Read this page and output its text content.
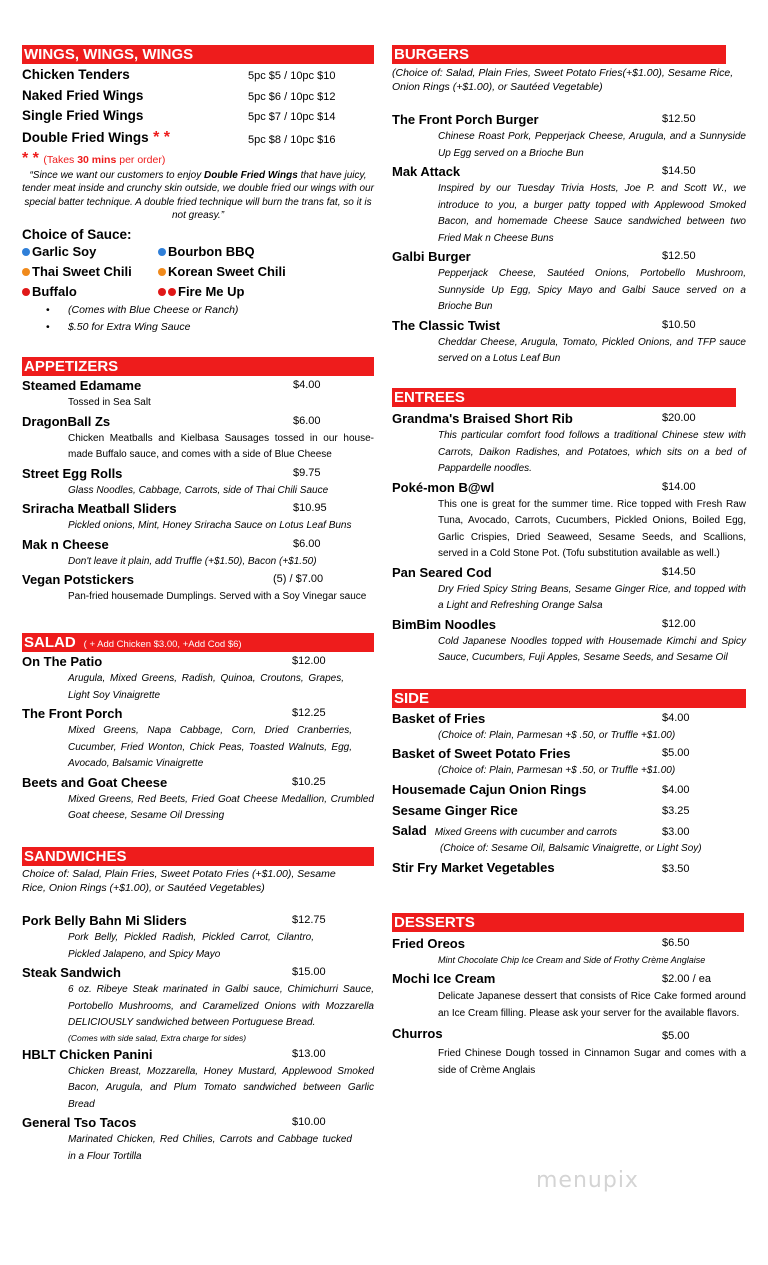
WINGS, WINGS, WINGS
Chicken Tenders	5pc $5 / 10pc $10
Naked Fried Wings	5pc $6 / 10pc $12
Single Fried Wings	5pc $7 / 10pc $14
Double Fried Wings * *	5pc $8 / 10pc $16
* * (Takes 30 mins per order)
“Since we want our customers to enjoy Double Fried Wings that have juicy, tender meat inside and crunchy skin outside, we double fried our wings with our special batter technique. A double fried technique will burn the trans fat, so it is not greasy.”
Choice of Sauce:
Garlic Soy	Bourbon BBQ
Thai Sweet Chili	Korean Sweet Chili
Buffalo	Fire Me Up
• (Comes with Blue Cheese or Ranch)
• $.50 for Extra Wing Sauce
APPETIZERS
Steamed Edamame	$4.00
Tossed in Sea Salt
DragonBall Zs	$6.00
Chicken Meatballs and Kielbasa Sausages tossed in our house-made Buffalo sauce, and comes with a side of Blue Cheese
Street Egg Rolls	$9.75
Glass Noodles, Cabbage, Carrots, side of Thai Chili Sauce
Sriracha Meatball Sliders	$10.95
Pickled onions, Mint, Honey Sriracha Sauce on Lotus Leaf Buns
Mak n Cheese	$6.00
Don't leave it plain, add Truffle (+$1.50), Bacon (+$1.50)
Vegan Potstickers	(5) / $7.00
Pan-fried housemade Dumplings. Served with a Soy Vinegar sauce
SALAD ( + Add Chicken $3.00, +Add Cod $6)
On The Patio	$12.00
Arugula, Mixed Greens, Radish, Quinoa, Croutons, Grapes, Light Soy Vinaigrette
The Front Porch	$12.25
Mixed Greens, Napa Cabbage, Corn, Dried Cranberries, Cucumber, Fried Wonton, Chick Peas, Toasted Walnuts, Egg, Avocado, Balsamic Vinaigrette
Beets and Goat Cheese	$10.25
Mixed Greens, Red Beets, Fried Goat Cheese Medallion, Crumbled Goat cheese, Sesame Oil Dressing
SANDWICHES
Choice of: Salad, Plain Fries, Sweet Potato Fries (+$1.00), Sesame Rice, Onion Rings (+$1.00), or Sautéed Vegetables)
Pork Belly Bahn Mi Sliders	$12.75
Pork Belly, Pickled Radish, Pickled Carrot, Cilantro, Pickled Jalapeno, and Spicy Mayo
Steak Sandwich	$15.00
6 oz. Ribeye Steak marinated in Galbi sauce, Chimichurri Sauce, Portobello Mushrooms, and Caramelized Onions with Mozzarella DELICIOUSLY sandwiched between Portuguese Bread.
(Comes with side salad, Extra charge for sides)
HBLT Chicken Panini	$13.00
Chicken Breast, Mozzarella, Honey Mustard, Applewood Smoked Bacon, Arugula, and Plum Tomato sandwiched between Garlic Bread
General Tso Tacos	$10.00
Marinated Chicken, Red Chilies, Carrots and Cabbage tucked in a Flour Tortilla
BURGERS
(Choice of: Salad, Plain Fries, Sweet Potato Fries(+$1.00), Sesame Rice, Onion Rings (+$1.00), or Sautéed Vegetable)
The Front Porch Burger	$12.50
Chinese Roast Pork, Pepperjack Cheese, Arugula, and a Sunnyside Up Egg served on a Brioche Bun
Mak Attack	$14.50
Inspired by our Tuesday Trivia Hosts, Joe P. and Scott W., we introduce to you, a burger patty topped with Applewood Smoked Bacon, and homemade Cheese Sauce sandwiched between two Fried Mak n Cheese Buns
Galbi Burger	$12.50
Pepperjack Cheese, Sautéed Onions, Portobello Mushroom, Sunnyside Up Egg, Spicy Mayo and Galbi Sauce served on a Brioche Bun
The Classic Twist	$10.50
Cheddar Cheese, Arugula, Tomato, Pickled Onions, and TFP sauce served on a Lotus Leaf Bun
ENTREES
Grandma's Braised Short Rib	$20.00
This particular comfort food follows a traditional Chinese stew with Carrots, Daikon Radishes, and Potatoes, which sits on a bed of Pappardelle noodles.
Poké-mon B@wl	$14.00
This one is great for the summer time. Rice topped with Fresh Raw Tuna, Avocado, Carrots, Cucumbers, Pickled Onions, Boiled Egg, Garlic Crispies, Dried Seaweed, Sesame Seeds, and Scallions, served in a Cold Stone Pot. (Tofu substitution available as well.)
Pan Seared Cod	$14.50
Dry Fried Spicy String Beans, Sesame Ginger Rice, and topped with a Light and Refreshing Orange Salsa
BimBim Noodles	$12.00
Cold Japanese Noodles topped with Housemade Kimchi and Spicy Sauce, Cucumbers, Fuji Apples, Sesame Seeds, and Sesame Oil
SIDE
Basket of Fries	$4.00
(Choice of: Plain, Parmesan +$ .50, or Truffle +$1.00)
Basket of Sweet Potato Fries	$5.00
(Choice of: Plain, Parmesan +$ .50, or Truffle +$1.00)
Housemade Cajun Onion Rings	$4.00
Sesame Ginger Rice	$3.25
Salad Mixed Greens with cucumber and carrots	$3.00
(Choice of: Sesame Oil, Balsamic Vinaigrette, or Light Soy)
Stir Fry Market Vegetables	$3.50
DESSERTS
Fried Oreos	$6.50
Mint Chocolate Chip Ice Cream and Side of Frothy Crème Anglaise
Mochi Ice Cream	$2.00 / ea
Delicate Japanese dessert that consists of Rice Cake formed around an Ice Cream filling. Please ask your server for the available flavors.
Churros	$5.00
Fried Chinese Dough tossed in Cinnamon Sugar and comes with a side of Crème Anglais
menupix
